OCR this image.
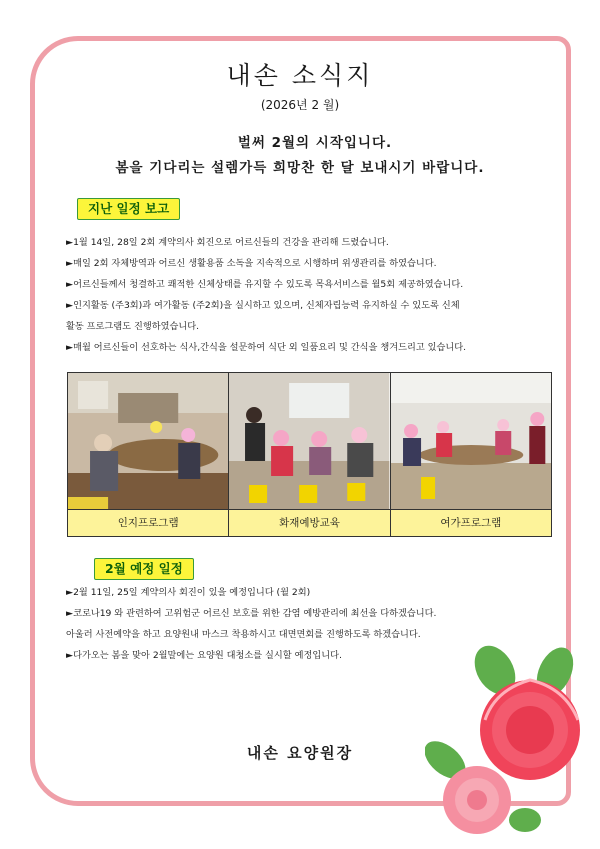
내손 소식지
(2026년 2 월)
벌써 2월의 시작입니다.
봄을 기다리는 설렘가득 희망찬 한 달 보내시기 바랍니다.
지난 일정 보고
►1월 14일, 28일 2회 계약의사 회진으로 어르신들의 건강을 관리해 드렸습니다.
►매일 2회 자체방역과 어르신 생활용품 소독을 지속적으로 시행하며 위생관리를 하였습니다.
►어르신들께서 청결하고 쾌적한 신체상태를 유지할 수 있도록 목욕서비스를 월5회 제공하였습니다.
►인지활동 (주3회)과 여가활동 (주2회)을 실시하고 있으며, 신체자립능력 유지하실 수 있도록 신체
활동 프로그램도 진행하였습니다.
►매월 어르신들이 선호하는 식사,간식을 설문하여 식단 외 일품요리 및 간식을 챙겨드리고 있습니다.
인지프로그램	화재예방교육	여가프로그램
2월 예정 일정
►2월 11일, 25일 계약의사 회진이 있을 예정입니다 (월 2회)
►코로나19 와 관련하여 고위험군 어르신 보호를 위한 감염 예방관리에 최선을 다하겠습니다.
아울러 사전예약을 하고 요양원내 마스크 착용하시고 대면면회를 진행하도록 하겠습니다.
►다가오는 봄을 맞아 2월말에는 요양원 대청소를 실시할 예정입니다.
내손 요양원장
